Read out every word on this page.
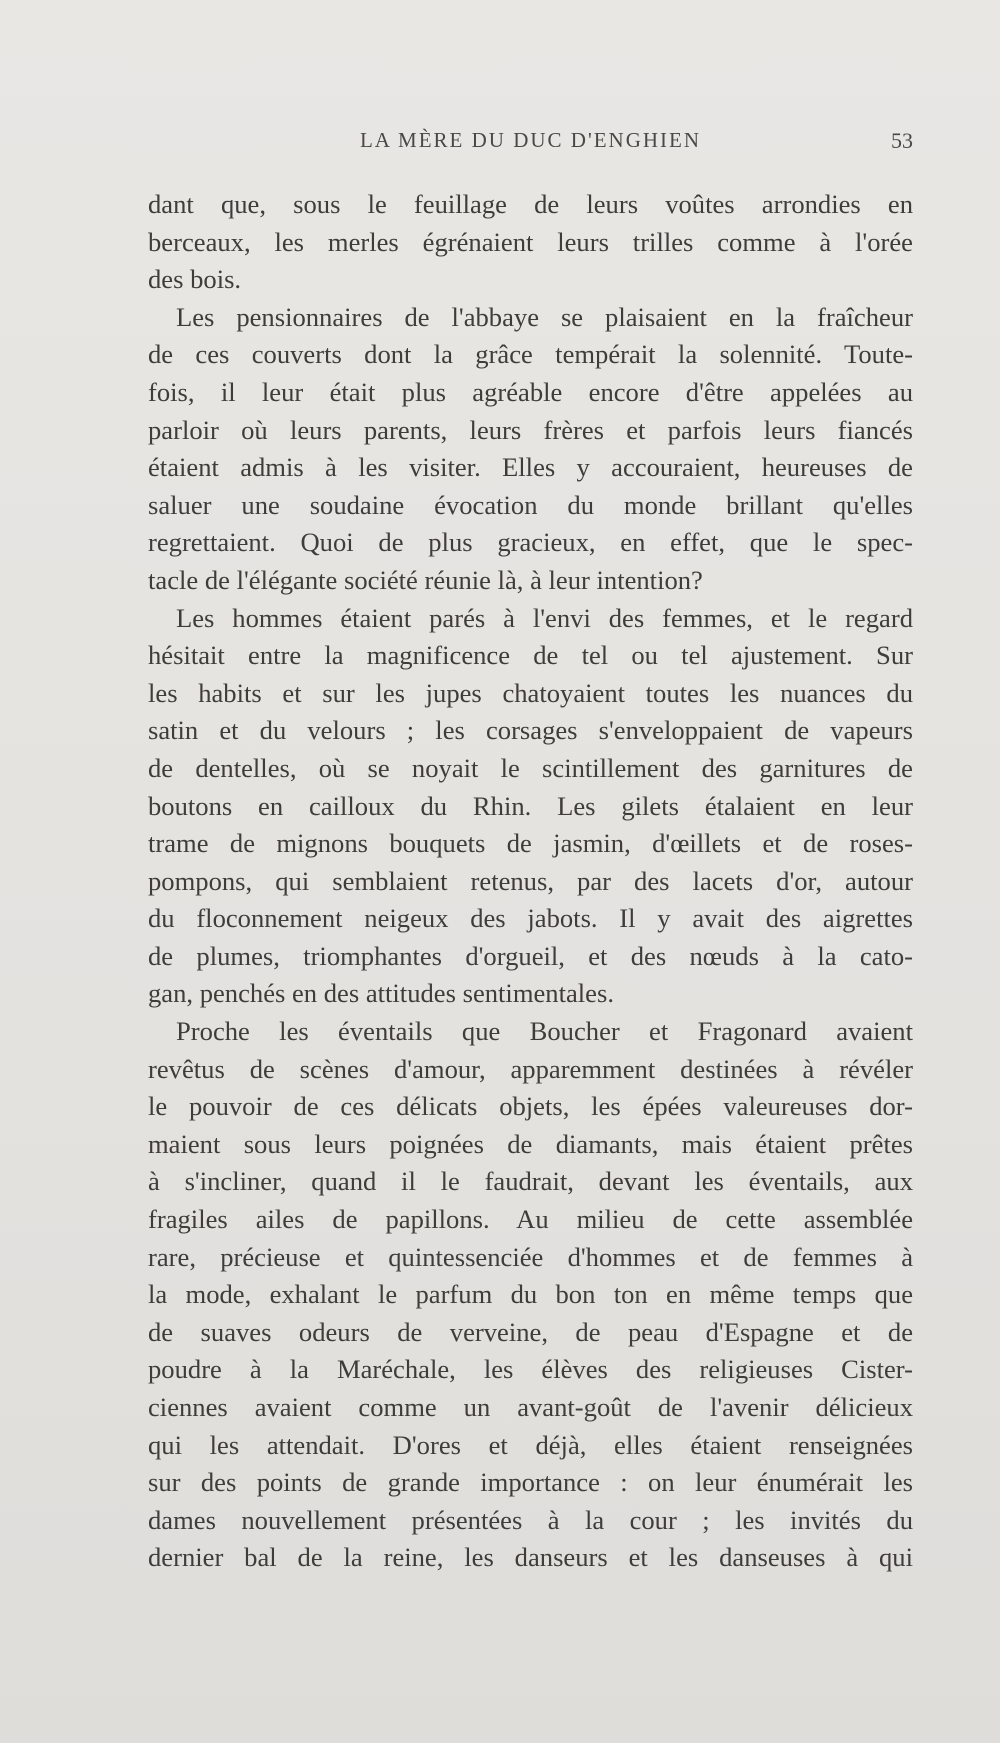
LA MÈRE DU DUC D'ENGHIEN	53
dant que, sous le feuillage de leurs voûtes arrondies en
berceaux, les merles égrénaient leurs trilles comme à l'orée
des bois.
Les pensionnaires de l'abbaye se plaisaient en la fraîcheur
de ces couverts dont la grâce tempérait la solennité. Toute-
fois, il leur était plus agréable encore d'être appelées au
parloir où leurs parents, leurs frères et parfois leurs fiancés
étaient admis à les visiter. Elles y accouraient, heureuses de
saluer une soudaine évocation du monde brillant qu'elles
regrettaient. Quoi de plus gracieux, en effet, que le spec-
tacle de l'élégante société réunie là, à leur intention?
Les hommes étaient parés à l'envi des femmes, et le regard
hésitait entre la magnificence de tel ou tel ajustement. Sur
les habits et sur les jupes chatoyaient toutes les nuances du
satin et du velours ; les corsages s'enveloppaient de vapeurs
de dentelles, où se noyait le scintillement des garnitures de
boutons en cailloux du Rhin. Les gilets étalaient en leur
trame de mignons bouquets de jasmin, d'œillets et de roses-
pompons, qui semblaient retenus, par des lacets d'or, autour
du floconnement neigeux des jabots. Il y avait des aigrettes
de plumes, triomphantes d'orgueil, et des nœuds à la cato-
gan, penchés en des attitudes sentimentales.
Proche les éventails que Boucher et Fragonard avaient
revêtus de scènes d'amour, apparemment destinées à révéler
le pouvoir de ces délicats objets, les épées valeureuses dor-
maient sous leurs poignées de diamants, mais étaient prêtes
à s'incliner, quand il le faudrait, devant les éventails, aux
fragiles ailes de papillons. Au milieu de cette assemblée
rare, précieuse et quintessenciée d'hommes et de femmes à
la mode, exhalant le parfum du bon ton en même temps que
de suaves odeurs de verveine, de peau d'Espagne et de
poudre à la Maréchale, les élèves des religieuses Cister-
ciennes avaient comme un avant-goût de l'avenir délicieux
qui les attendait. D'ores et déjà, elles étaient renseignées
sur des points de grande importance : on leur énumérait les
dames nouvellement présentées à la cour ; les invités du
dernier bal de la reine, les danseurs et les danseuses à qui
